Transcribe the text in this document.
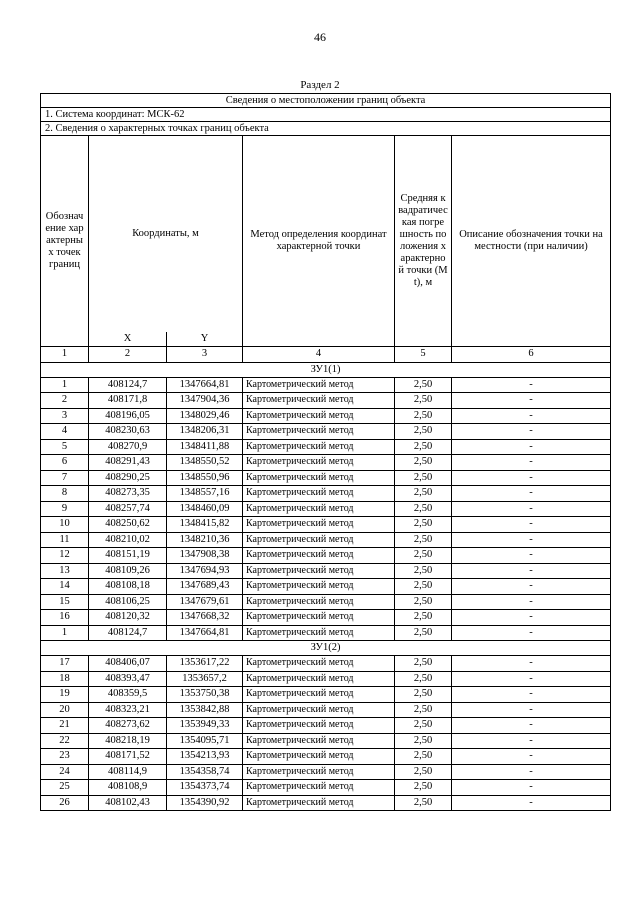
46
Раздел 2
Сведения о местоположении границ объекта					
1. Система координат: МСК-62					
2. Сведения о характерных точках границ объекта					
Обозначение характерных точек границ	Координаты, м		Метод определения координат характерной точки	Средняя квадратическая погрешность положения характерной точки (Mt), м	Описание обозначения точки на местности (при наличии)
	X	Y			
1	2	3	4	5	6
ЗУ1(1)					
1	408124,7	1347664,81	Картометрический метод	2,50	-
2	408171,8	1347904,36	Картометрический метод	2,50	-
3	408196,05	1348029,46	Картометрический метод	2,50	-
4	408230,63	1348206,31	Картометрический метод	2,50	-
5	408270,9	1348411,88	Картометрический метод	2,50	-
6	408291,43	1348550,52	Картометрический метод	2,50	-
7	408290,25	1348550,96	Картометрический метод	2,50	-
8	408273,35	1348557,16	Картометрический метод	2,50	-
9	408257,74	1348460,09	Картометрический метод	2,50	-
10	408250,62	1348415,82	Картометрический метод	2,50	-
11	408210,02	1348210,36	Картометрический метод	2,50	-
12	408151,19	1347908,38	Картометрический метод	2,50	-
13	408109,26	1347694,93	Картометрический метод	2,50	-
14	408108,18	1347689,43	Картометрический метод	2,50	-
15	408106,25	1347679,61	Картометрический метод	2,50	-
16	408120,32	1347668,32	Картометрический метод	2,50	-
1	408124,7	1347664,81	Картометрический метод	2,50	-
ЗУ1(2)					
17	408406,07	1353617,22	Картометрический метод	2,50	-
18	408393,47	1353657,2	Картометрический метод	2,50	-
19	408359,5	1353750,38	Картометрический метод	2,50	-
20	408323,21	1353842,88	Картометрический метод	2,50	-
21	408273,62	1353949,33	Картометрический метод	2,50	-
22	408218,19	1354095,71	Картометрический метод	2,50	-
23	408171,52	1354213,93	Картометрический метод	2,50	-
24	408114,9	1354358,74	Картометрический метод	2,50	-
25	408108,9	1354373,74	Картометрический метод	2,50	-
26	408102,43	1354390,92	Картометрический метод	2,50	-
